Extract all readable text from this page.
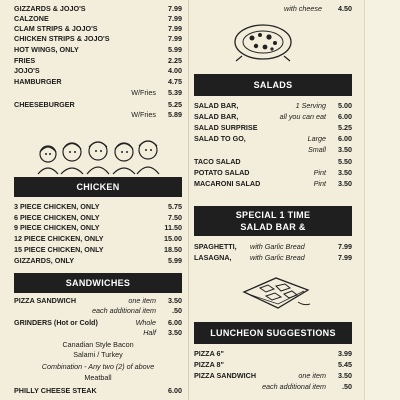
GIZZARDS & JOJO'S	7.99
CALZONE	7.99
CLAM STRIPS & JOJO'S	7.99
CHICKEN STRIPS & JOJO'S	7.99
HOT WINGS, ONLY	5.99
FRIES	2.25
JOJO'S	4.00
HAMBURGER	4.75
W/Fries 5.39
CHEESEBURGER	5.25
W/Fries 5.89
CHICKEN
3 PIECE CHICKEN, ONLY	5.75
6 PIECE CHICKEN, ONLY	7.50
9 PIECE CHICKEN, ONLY	11.50
12 PIECE CHICKEN, ONLY	15.00
15 PIECE CHICKEN, ONLY	18.50
GIZZARDS, ONLY	5.99
SANDWICHES
PIZZA SANDWICH	one item 3.50
each additional item .50
GRINDERS (Hot or Cold)	Whole 6.00
Half 3.50
Canadian Style Bacon
Salami / Turkey
Combination - Any two (2) of above
Meatball
PHILLY CHEESE STEAK	6.00
with cheese 4.50
SALADS
SALAD BAR,	1 Serving 5.00
SALAD BAR,	all you can eat 6.00
SALAD SURPRISE	5.25
SALAD TO GO,	Large 6.00
Small 3.50
TACO SALAD	5.50
POTATO SALAD	Pint 3.50
MACARONI SALAD	Pint 3.50
SPECIAL 1 TIME
SALAD BAR &
SPAGHETTI, with Garlic Bread	7.99
LASAGNA,	with Garlic Bread	7.99
LUNCHEON SUGGESTIONS
PIZZA 6"	3.99
PIZZA 8"	5.45
PIZZA SANDWICH	one item 3.50
each additional item .50
